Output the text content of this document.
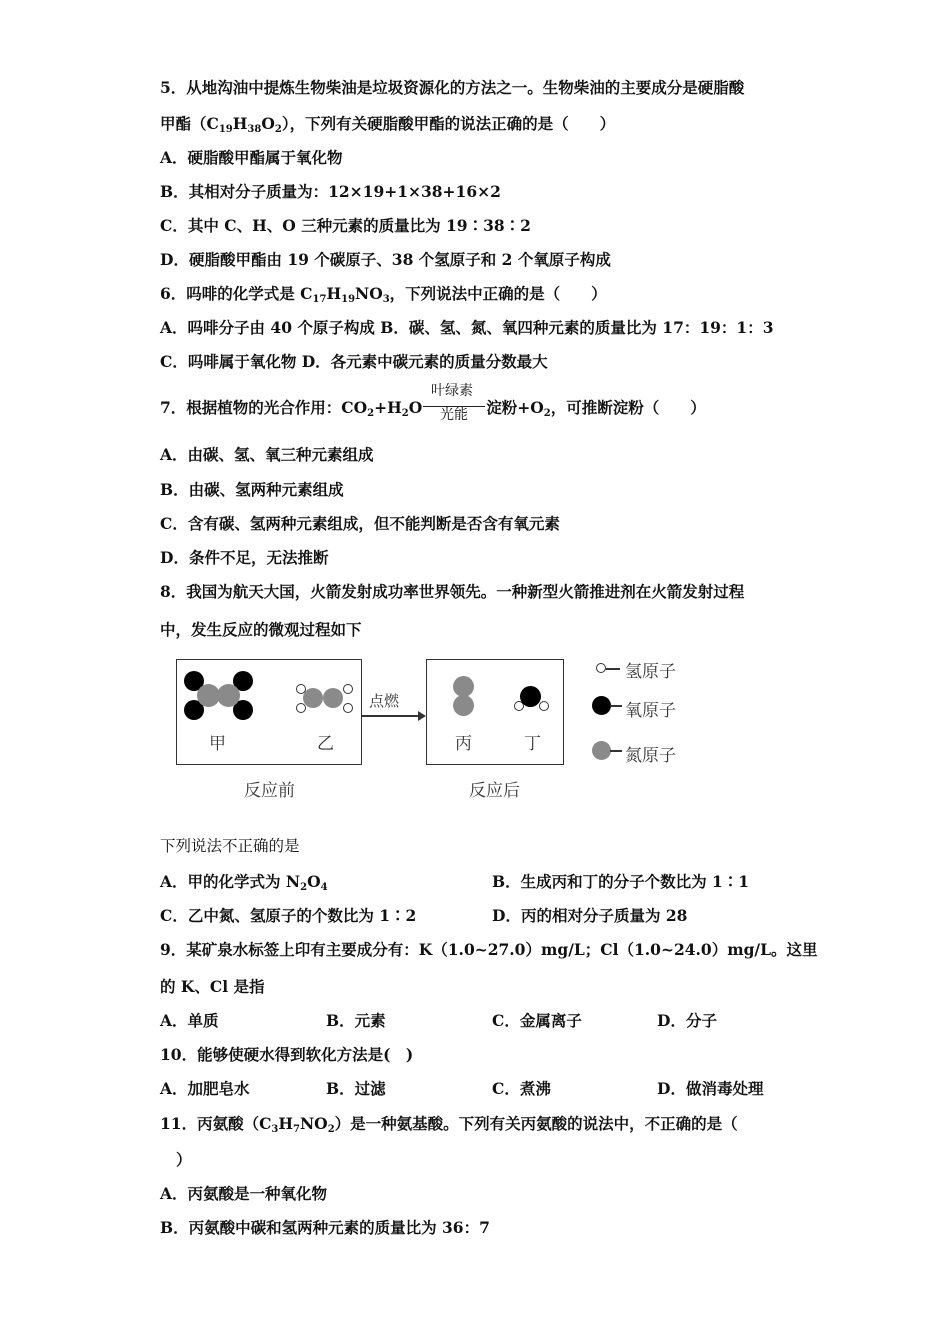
5．从地沟油中提炼生物柴油是垃圾资源化的方法之一。生物柴油的主要成分是硬脂酸
甲酯$(C_{19}H_{38}O_2)$，下列有关硬脂酸甲酯的说法正确的是（　　）
A．硬脂酸甲酯属于氧化物
B．其相对分子质量为：12×19+1×38+16×2
C．其中 C、H、O 三种元素的质量比为 19∶38∶2
D．硬脂酸甲酯由 19 个碳原子、38 个氢原子和 2 个氧原子构成
6．吗啡的化学式是 $C_{17}H_{19}NO_3$，下列说法中正确的是（　　）
A．吗啡分子由 40 个原子构成 B．碳、氢、氮、氧四种元素的质量比为 17：19：1：3
C．吗啡属于氧化物 D．各元素中碳元素的质量分数最大
叶绿素
光能
7．根据植物的光合作用：$CO_2+H_2O$	淀粉$+O_2$，可推断淀粉（　　）
A．由碳、氢、氧三种元素组成
B．由碳、氢两种元素组成
C．含有碳、氢两种元素组成，但不能判断是否含有氧元素
D．条件不足，无法推断
8．我国为航天大国，火箭发射成功率世界领先。一种新型火箭推进剂在火箭发射过程
中，发生反应的微观过程如下
甲	乙
点燃
丙	丁
反应前	反应后
氢原子
氧原子
氮原子
下列说法不正确的是
A．甲的化学式为 $N_2O_4$	B．生成丙和丁的分子个数比为 1∶1
C．乙中氮、氢原子的个数比为 1∶2	D．丙的相对分子质量为 28
9．某矿泉水标签上印有主要成分有：K（1.0~27.0）mg/L；Cl（1.0~24.0）mg/L。这里
的 K、Cl 是指
A．单质	B．元素	C．金属离子	D．分子
10．能够使硬水得到软化方法是(　)
A．加肥皂水	B．过滤	C．煮沸	D．做消毒处理
11．丙氨酸$(C_3H_7NO_2)$是一种氨基酸。下列有关丙氨酸的说法中，不正确的是（
）
A．丙氨酸是一种氧化物
B．丙氨酸中碳和氢两种元素的质量比为 36：7
